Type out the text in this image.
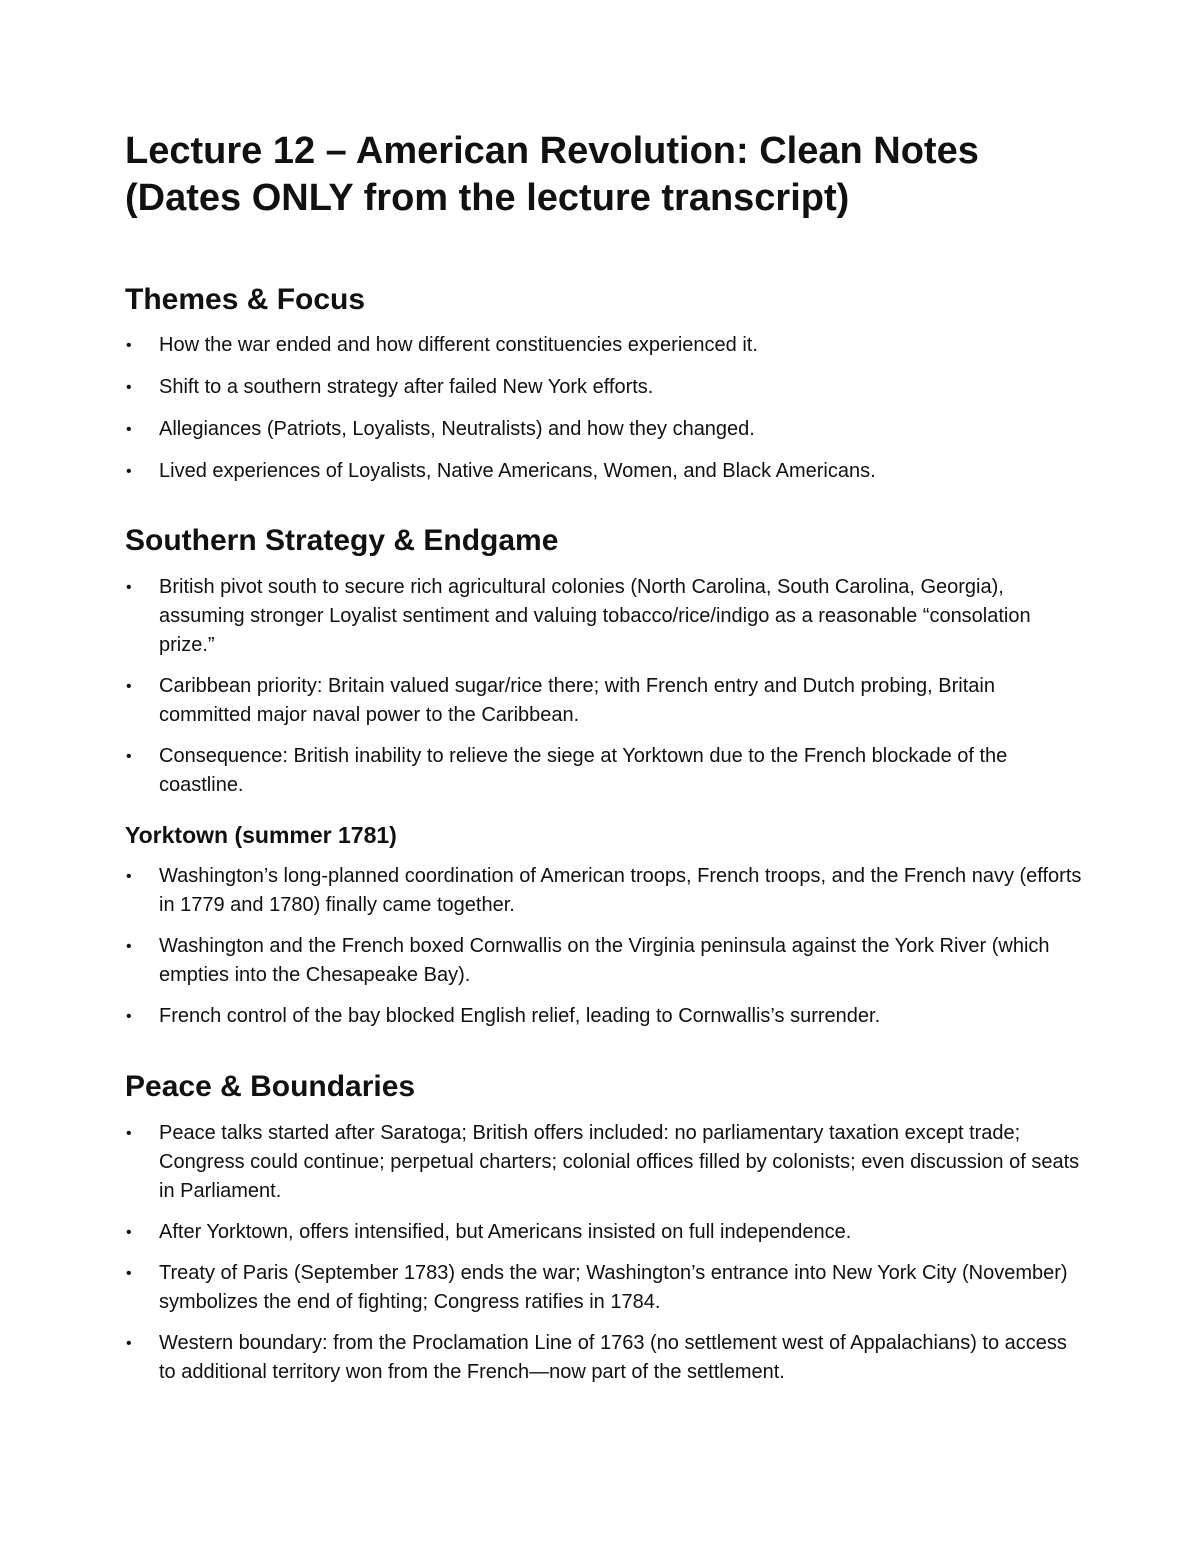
Lecture 12 – American Revolution: Clean Notes
(Dates ONLY from the lecture transcript)
Themes & Focus
• How the war ended and how different constituencies experienced it.
• Shift to a southern strategy after failed New York efforts.
• Allegiances (Patriots, Loyalists, Neutralists) and how they changed.
• Lived experiences of Loyalists, Native Americans, Women, and Black Americans.
Southern Strategy & Endgame
• British pivot south to secure rich agricultural colonies (North Carolina, South Carolina, Georgia), assuming stronger Loyalist sentiment and valuing tobacco/rice/indigo as a reasonable “consolation prize.”
• Caribbean priority: Britain valued sugar/rice there; with French entry and Dutch probing, Britain committed major naval power to the Caribbean.
• Consequence: British inability to relieve the siege at Yorktown due to the French blockade of the coastline.
Yorktown (summer 1781)
• Washington’s long-planned coordination of American troops, French troops, and the French navy (efforts in 1779 and 1780) finally came together.
• Washington and the French boxed Cornwallis on the Virginia peninsula against the York River (which empties into the Chesapeake Bay).
• French control of the bay blocked English relief, leading to Cornwallis’s surrender.
Peace & Boundaries
• Peace talks started after Saratoga; British offers included: no parliamentary taxation except trade; Congress could continue; perpetual charters; colonial offices filled by colonists; even discussion of seats in Parliament.
• After Yorktown, offers intensified, but Americans insisted on full independence.
• Treaty of Paris (September 1783) ends the war; Washington’s entrance into New York City (November) symbolizes the end of fighting; Congress ratifies in 1784.
• Western boundary: from the Proclamation Line of 1763 (no settlement west of Appalachians) to access to additional territory won from the French—now part of the settlement.
